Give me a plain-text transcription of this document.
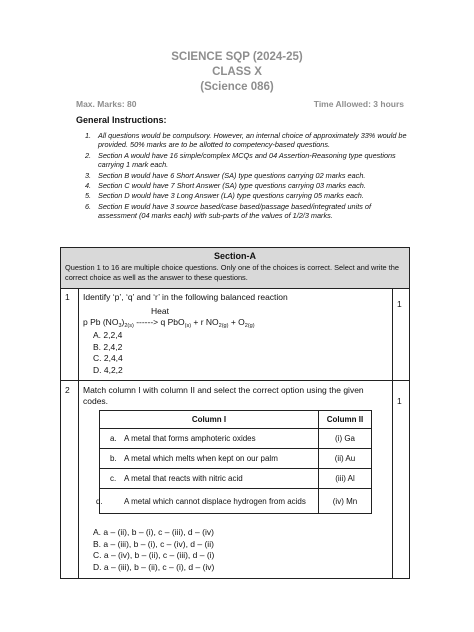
SCIENCE SQP (2024-25)
CLASS X
(Science 086)
Max. Marks: 80	Time Allowed: 3 hours
General Instructions:
1. All questions would be compulsory. However, an internal choice of approximately 33% would be provided. 50% marks are to be allotted to competency-based questions.
2. Section A would have 16 simple/complex MCQs and 04 Assertion-Reasoning type questions carrying 1 mark each.
3. Section B would have 6 Short Answer (SA) type questions carrying 02 marks each.
4. Section C would have 7 Short Answer (SA) type questions carrying 03 marks each.
5. Section D would have 3 Long Answer (LA) type questions carrying 05 marks each.
6. Section E would have 3 source based/case based/passage based/integrated units of assessment (04 marks each) with sub-parts of the values of 1/2/3 marks.
Section-A
Question 1 to 16 are multiple choice questions. Only one of the choices is correct. Select and write the correct choice as well as the answer to these questions.
1
1
Identify ‘p’, ‘q’ and ‘r’ in the following balanced reaction
Heat
p Pb $(NO_3)_{2(s)}$ ------> q PbO$_{(s)}$ + r $NO_{2(g)} + O_{2(g)}$
A. 2,2,4
B. 2,4,2
C. 2,4,4
D. 4,2,2
2
1
Match column I with column II and select the correct option using the given codes.
Column I	Column II
a. A metal that forms amphoteric oxides	(i) Ga
b. A metal which melts when kept on our palm	(ii) Au
c. A metal that reacts with nitric acid	(iii) Al
d. A metal which cannot displace hydrogen from acids	(iv) Mn
A. a – (ii), b – (i), c – (iii), d – (iv)
B. a – (iii), b – (i), c – (iv), d – (ii)
C. a – (iv), b – (ii), c – (iii), d – (i)
D. a – (iii), b – (ii), c – (i), d – (iv)
